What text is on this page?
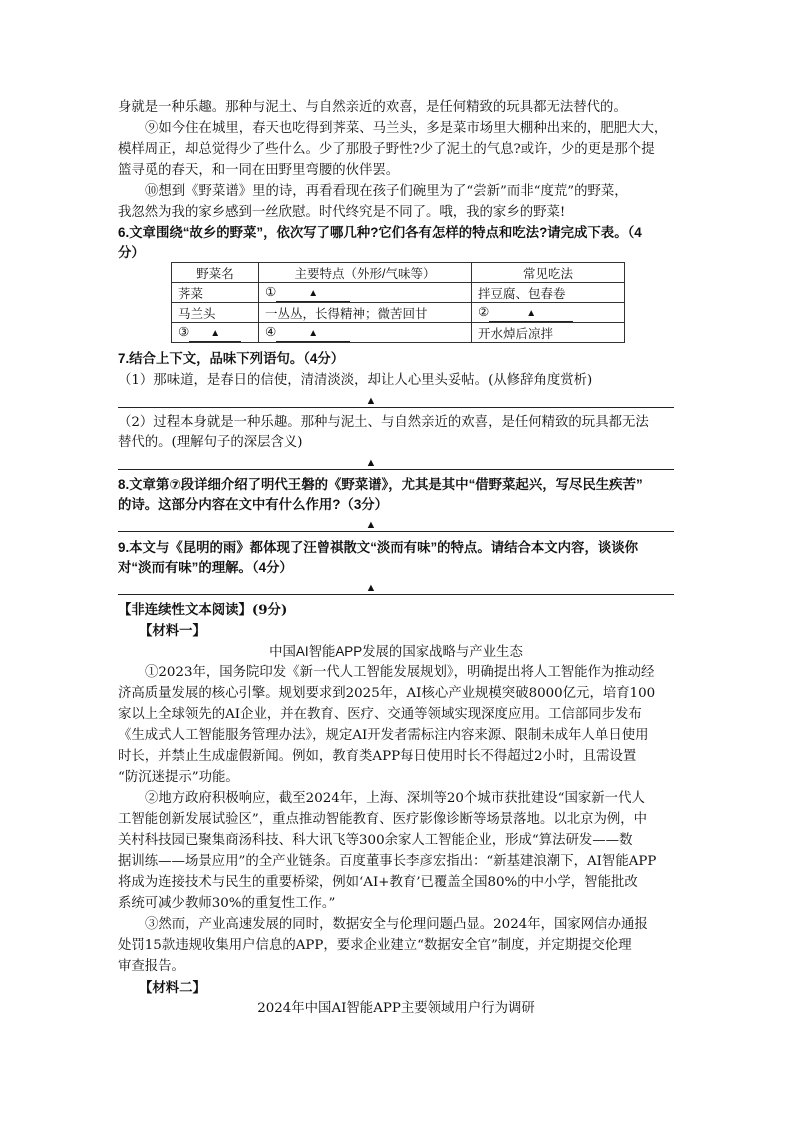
身就是一种乐趣。那种与泥土、与自然亲近的欢喜，是任何精致的玩具都无法替代的。
⑨如今住在城里，春天也吃得到荠菜、马兰头，多是菜市场里大棚种出来的，肥肥大大，
模样周正，却总觉得少了些什么。少了那股子野性?少了泥土的气息?或许，少的更是那个提
篮寻觅的春天，和一同在田野里弯腰的伙伴罢。
⑩想到《野菜谱》里的诗，再看看现在孩子们碗里为了“尝新”而非“度荒”的野菜，
我忽然为我的家乡感到一丝欣慰。时代终究是不同了。哦，我的家乡的野菜!
6.文章围绕“故乡的野菜”，依次写了哪几种?它们各有怎样的特点和吃法?请完成下表。（4
分）
野菜名	主要特点（外形/气味等）	常见吃法
荠菜	① ▲	拌豆腐、包春卷
马兰头	一丛丛，长得精神；微苦回甘	② ▲
③ ▲	④ ▲	开水焯后凉拌
7.结合上下文，品味下列语句。（4分）
（1）那味道，是春日的信使，清清淡淡，却让人心里头妥帖。(从修辞角度赏析)
▲
（2）过程本身就是一种乐趣。那种与泥土、与自然亲近的欢喜，是任何精致的玩具都无法
替代的。(理解句子的深层含义)
▲
8.文章第⑦段详细介绍了明代王磐的《野菜谱》，尤其是其中“借野菜起兴，写尽民生疾苦”
的诗。这部分内容在文中有什么作用?（3分）
▲
9.本文与《昆明的雨》都体现了汪曾祺散文“淡而有味”的特点。请结合本文内容，谈谈你
对“淡而有味”的理解。（4分）
▲
【非连续性文本阅读】(9分)
【材料一】
中国AI智能APP发展的国家战略与产业生态
①2023年，国务院印发《新一代人工智能发展规划》，明确提出将人工智能作为推动经
济高质量发展的核心引擎。规划要求到2025年，AI核心产业规模突破8000亿元，培育100
家以上全球领先的AI企业，并在教育、医疗、交通等领域实现深度应用。工信部同步发布
《生成式人工智能服务管理办法》，规定AI开发者需标注内容来源、限制未成年人单日使用
时长，并禁止生成虚假新闻。例如，教育类APP每日使用时长不得超过2小时，且需设置
“防沉迷提示”功能。
②地方政府积极响应，截至2024年，上海、深圳等20个城市获批建设“国家新一代人
工智能创新发展试验区”，重点推动智能教育、医疗影像诊断等场景落地。以北京为例，中
关村科技园已聚集商汤科技、科大讯飞等300余家人工智能企业，形成“算法研发——数
据训练——场景应用”的全产业链条。百度董事长李彦宏指出：“新基建浪潮下，AI智能APP
将成为连接技术与民生的重要桥梁，例如‘AI+教育’已覆盖全国80%的中小学，智能批改
系统可减少教师30%的重复性工作。”
③然而，产业高速发展的同时，数据安全与伦理问题凸显。2024年，国家网信办通报
处罚15款违规收集用户信息的APP，要求企业建立“数据安全官”制度，并定期提交伦理
审查报告。
【材料二】
2024年中国AI智能APP主要领域用户行为调研
